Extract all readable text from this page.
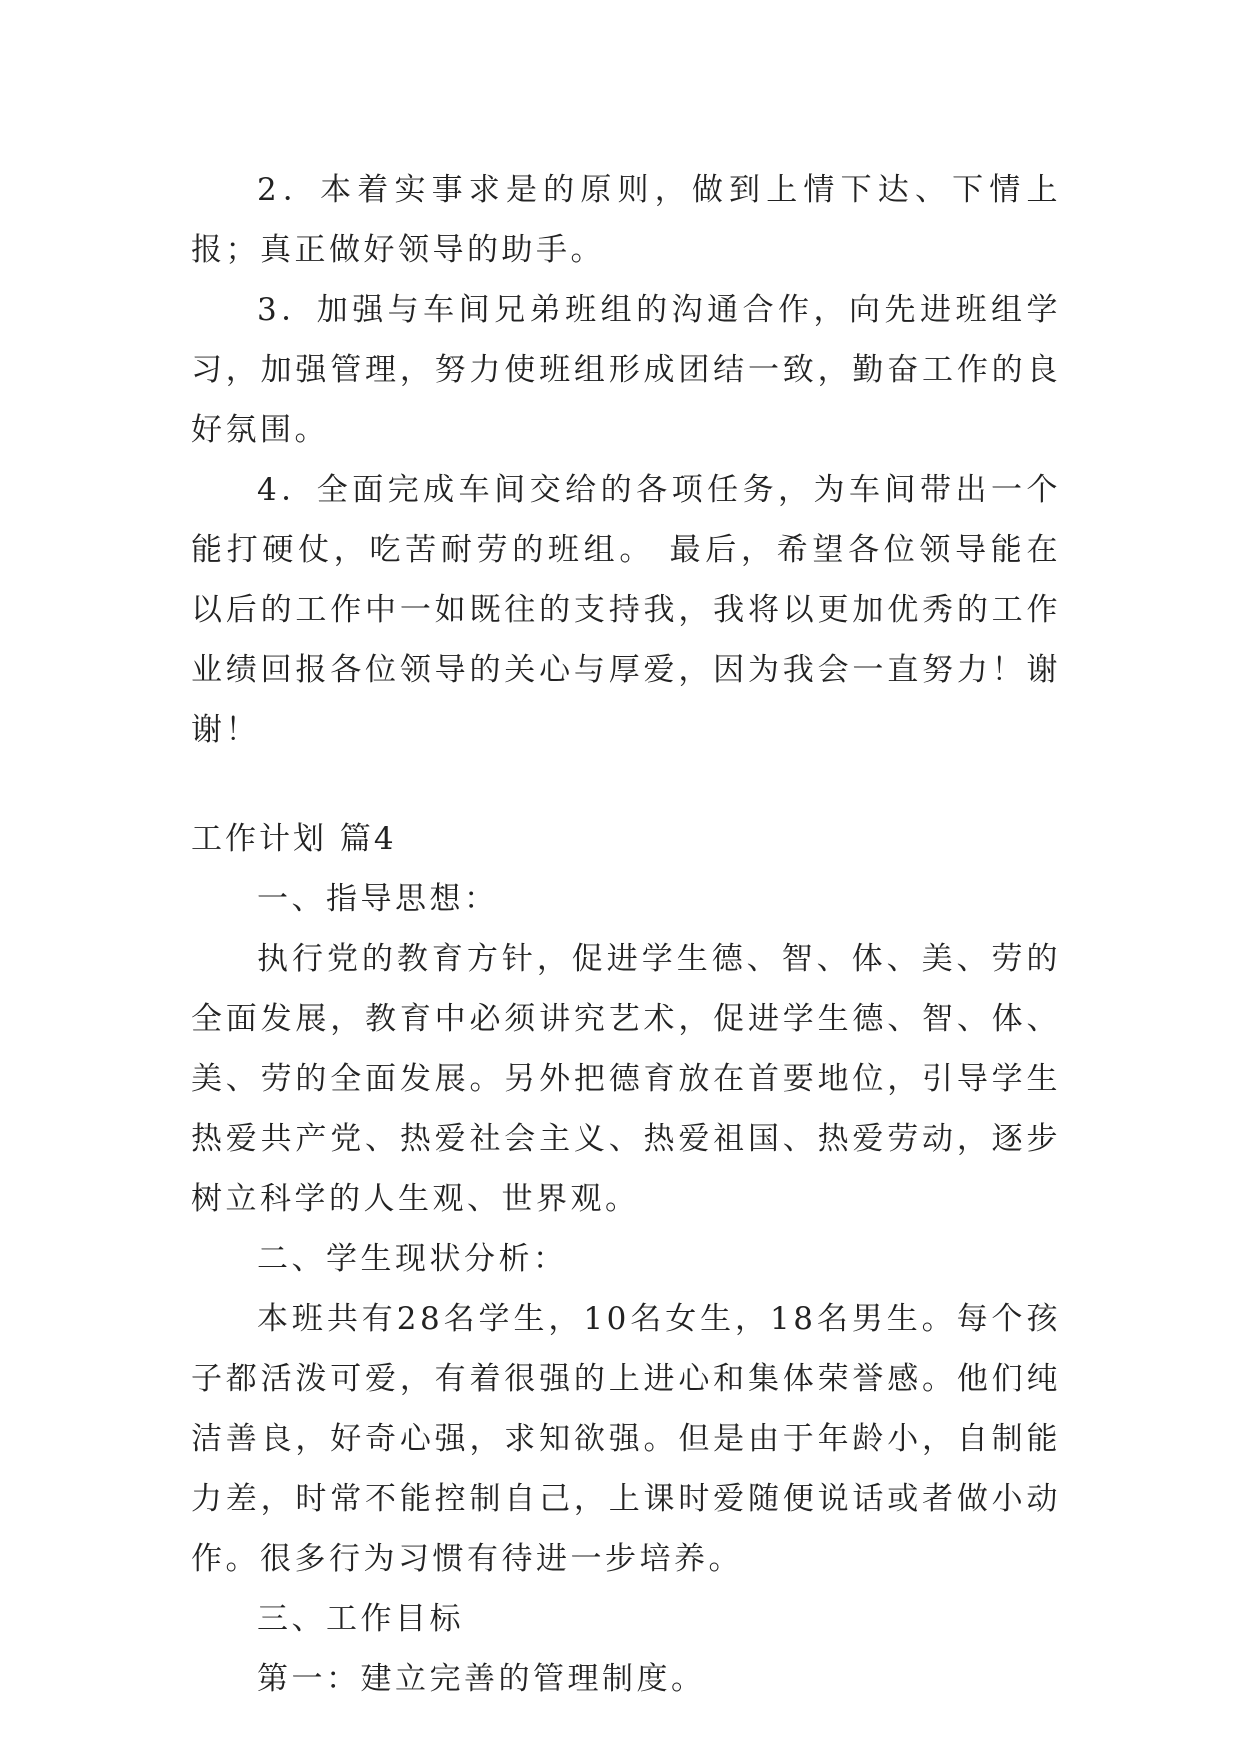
2．本着实事求是的原则，做到上情下达、下情上报；真正做好领导的助手。

3．加强与车间兄弟班组的沟通合作，向先进班组学习，加强管理，努力使班组形成团结一致，勤奋工作的良好氛围。

4．全面完成车间交给的各项任务，为车间带出一个能打硬仗，吃苦耐劳的班组。 最后，希望各位领导能在以后的工作中一如既往的支持我，我将以更加优秀的工作业绩回报各位领导的关心与厚爱，因为我会一直努力！谢谢！

工作计划 篇4

一、指导思想：

执行党的教育方针，促进学生德、智、体、美、劳的全面发展，教育中必须讲究艺术，促进学生德、智、体、美、劳的全面发展。另外把德育放在首要地位，引导学生热爱共产党、热爱社会主义、热爱祖国、热爱劳动，逐步树立科学的人生观、世界观。

二、学生现状分析：

本班共有28名学生，10名女生，18名男生。每个孩子都活泼可爱，有着很强的上进心和集体荣誉感。他们纯洁善良，好奇心强，求知欲强。但是由于年龄小，自制能力差，时常不能控制自己，上课时爱随便说话或者做小动作。很多行为习惯有待进一步培养。

三、工作目标

第一：建立完善的管理制度。
